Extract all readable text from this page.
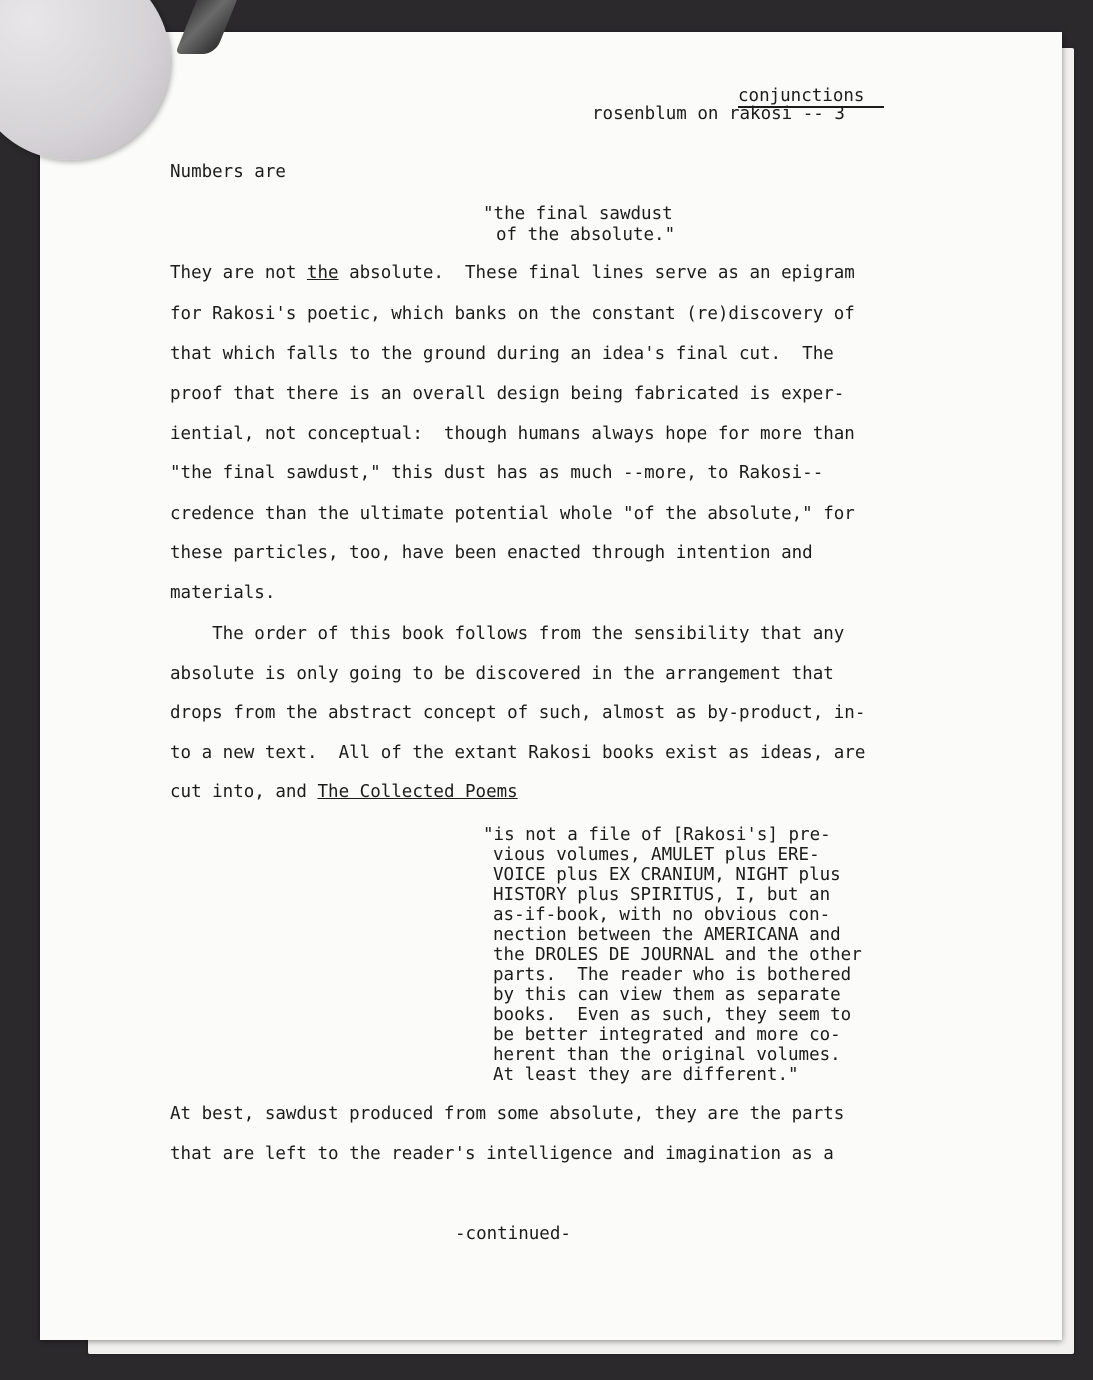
conjunctions
rosenblum on rakosi -- 3
Numbers are
"the final sawdust
of the absolute."
They are not the absolute.  These final lines serve as an epigram
for Rakosi's poetic, which banks on the constant (re)discovery of
that which falls to the ground during an idea's final cut.  The
proof that there is an overall design being fabricated is exper-
iential, not conceptual:  though humans always hope for more than
"the final sawdust," this dust has as much --more, to Rakosi--
credence than the ultimate potential whole "of the absolute," for
these particles, too, have been enacted through intention and
materials.
The order of this book follows from the sensibility that any
absolute is only going to be discovered in the arrangement that
drops from the abstract concept of such, almost as by-product, in-
to a new text.  All of the extant Rakosi books exist as ideas, are
cut into, and The Collected Poems
"is not a file of [Rakosi's] pre-
vious volumes, AMULET plus ERE-
VOICE plus EX CRANIUM, NIGHT plus
HISTORY plus SPIRITUS, I, but an
as-if-book, with no obvious con-
nection between the AMERICANA and
the DROLES DE JOURNAL and the other
parts.  The reader who is bothered
by this can view them as separate
books.  Even as such, they seem to
be better integrated and more co-
herent than the original volumes.
At least they are different."
At best, sawdust produced from some absolute, they are the parts
that are left to the reader's intelligence and imagination as a
-continued-
